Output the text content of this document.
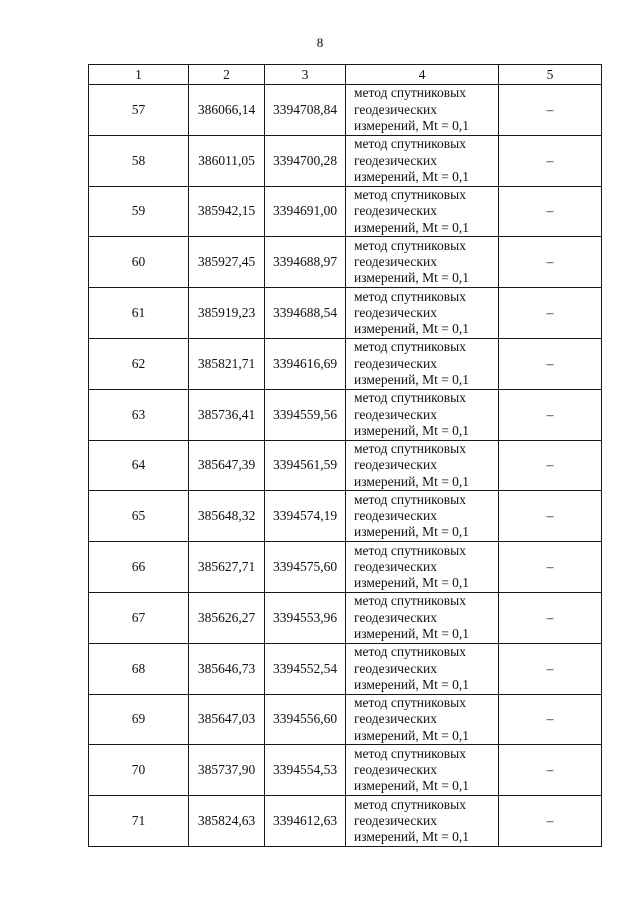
8
1	2	3	4	5
57	386066,14	3394708,84	метод спутниковых
геодезических
измерений, Mt = 0,1	–
58	386011,05	3394700,28	метод спутниковых
геодезических
измерений, Mt = 0,1	–
59	385942,15	3394691,00	метод спутниковых
геодезических
измерений, Mt = 0,1	–
60	385927,45	3394688,97	метод спутниковых
геодезических
измерений, Mt = 0,1	–
61	385919,23	3394688,54	метод спутниковых
геодезических
измерений, Mt = 0,1	–
62	385821,71	3394616,69	метод спутниковых
геодезических
измерений, Mt = 0,1	–
63	385736,41	3394559,56	метод спутниковых
геодезических
измерений, Mt = 0,1	–
64	385647,39	3394561,59	метод спутниковых
геодезических
измерений, Mt = 0,1	–
65	385648,32	3394574,19	метод спутниковых
геодезических
измерений, Mt = 0,1	–
66	385627,71	3394575,60	метод спутниковых
геодезических
измерений, Mt = 0,1	–
67	385626,27	3394553,96	метод спутниковых
геодезических
измерений, Mt = 0,1	–
68	385646,73	3394552,54	метод спутниковых
геодезических
измерений, Mt = 0,1	–
69	385647,03	3394556,60	метод спутниковых
геодезических
измерений, Mt = 0,1	–
70	385737,90	3394554,53	метод спутниковых
геодезических
измерений, Mt = 0,1	–
71	385824,63	3394612,63	метод спутниковых
геодезических
измерений, Mt = 0,1	–
